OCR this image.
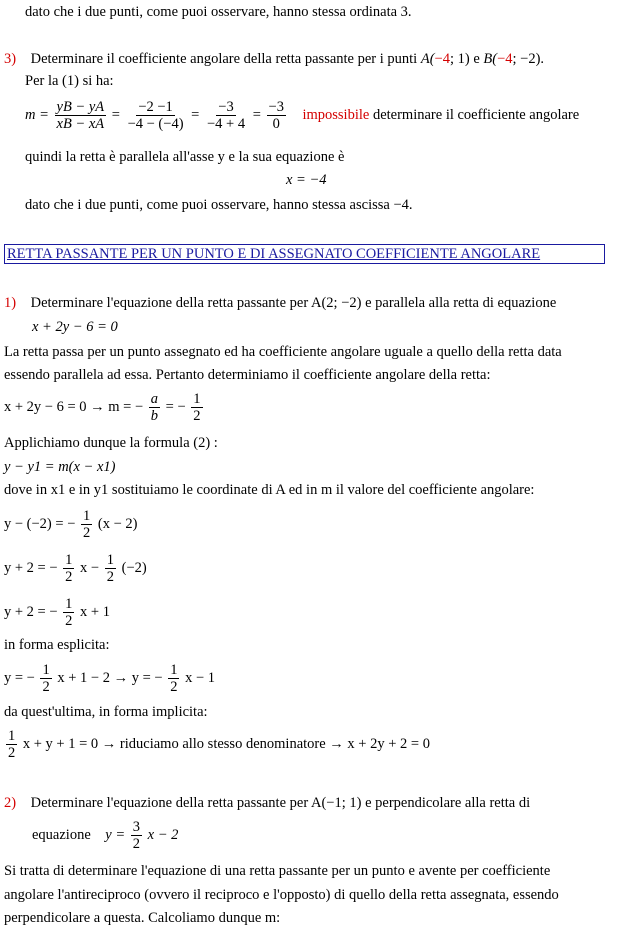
dato che i due punti, come puoi osservare, hanno stessa ordinata 3.
3) Determinare il coefficiente angolare della retta passante per i punti A(−4; 1) e B(−4; −2).
Per la (1) si ha:
$m = \frac{yB - yA}{xB - xA} = \frac{-2 -1}{-4 - (-4)} = \frac{-3}{-4 + 4} = \frac{-3}{0}$ impossibile determinare il coefficiente angolare
quindi la retta è parallela all'asse y e la sua equazione è
x = −4
dato che i due punti, come puoi osservare, hanno stessa ascissa −4.
RETTA PASSANTE PER UN PUNTO E DI ASSEGNATO COEFFICIENTE ANGOLARE
1) Determinare l'equazione della retta passante per A(2; −2) e parallela alla retta di equazione
x + 2y − 6 = 0
La retta passa per un punto assegnato ed ha coefficiente angolare uguale a quello della retta data
essendo parallela ad essa. Pertanto determiniamo il coefficiente angolare della retta:
x + 2y − 6 = 0 → m = − $\frac{a}{b}$ = − $\frac{1}{2}$
Applichiamo dunque la formula (2) :
y − y1 = m(x − x1)
dove in x1 e in y1 sostituiamo le coordinate di A ed in m il valore del coefficiente angolare:
y − (−2) = − $\frac{1}{2} (x - 2)$
y + 2 = − $\frac{1}{2}$ $x - \frac{1}{2} (-2)$
y + 2 = − $\frac{1}{2}$ x + 1
in forma esplicita:
y = − $\frac{1}{2}$ x + 1 − 2 → y = − $\frac{1}{2}$ x − 1
da quest'ultima, in forma implicita:
$\frac{1}{2}$ x + y + 1 = 0 → riduciamo allo stesso denominatore → x + 2y + 2 = 0
2) Determinare l'equazione della retta passante per A(−1; 1) e perpendicolare alla retta di
equazione $y = \frac{3}{2}$ x − 2
Si tratta di determinare l'equazione di una retta passante per un punto e avente per coefficiente
angolare l'antireciproco (ovvero il reciproco e l'opposto) di quello della retta assegnata, essendo
perpendicolare a questa. Calcoliamo dunque m:
